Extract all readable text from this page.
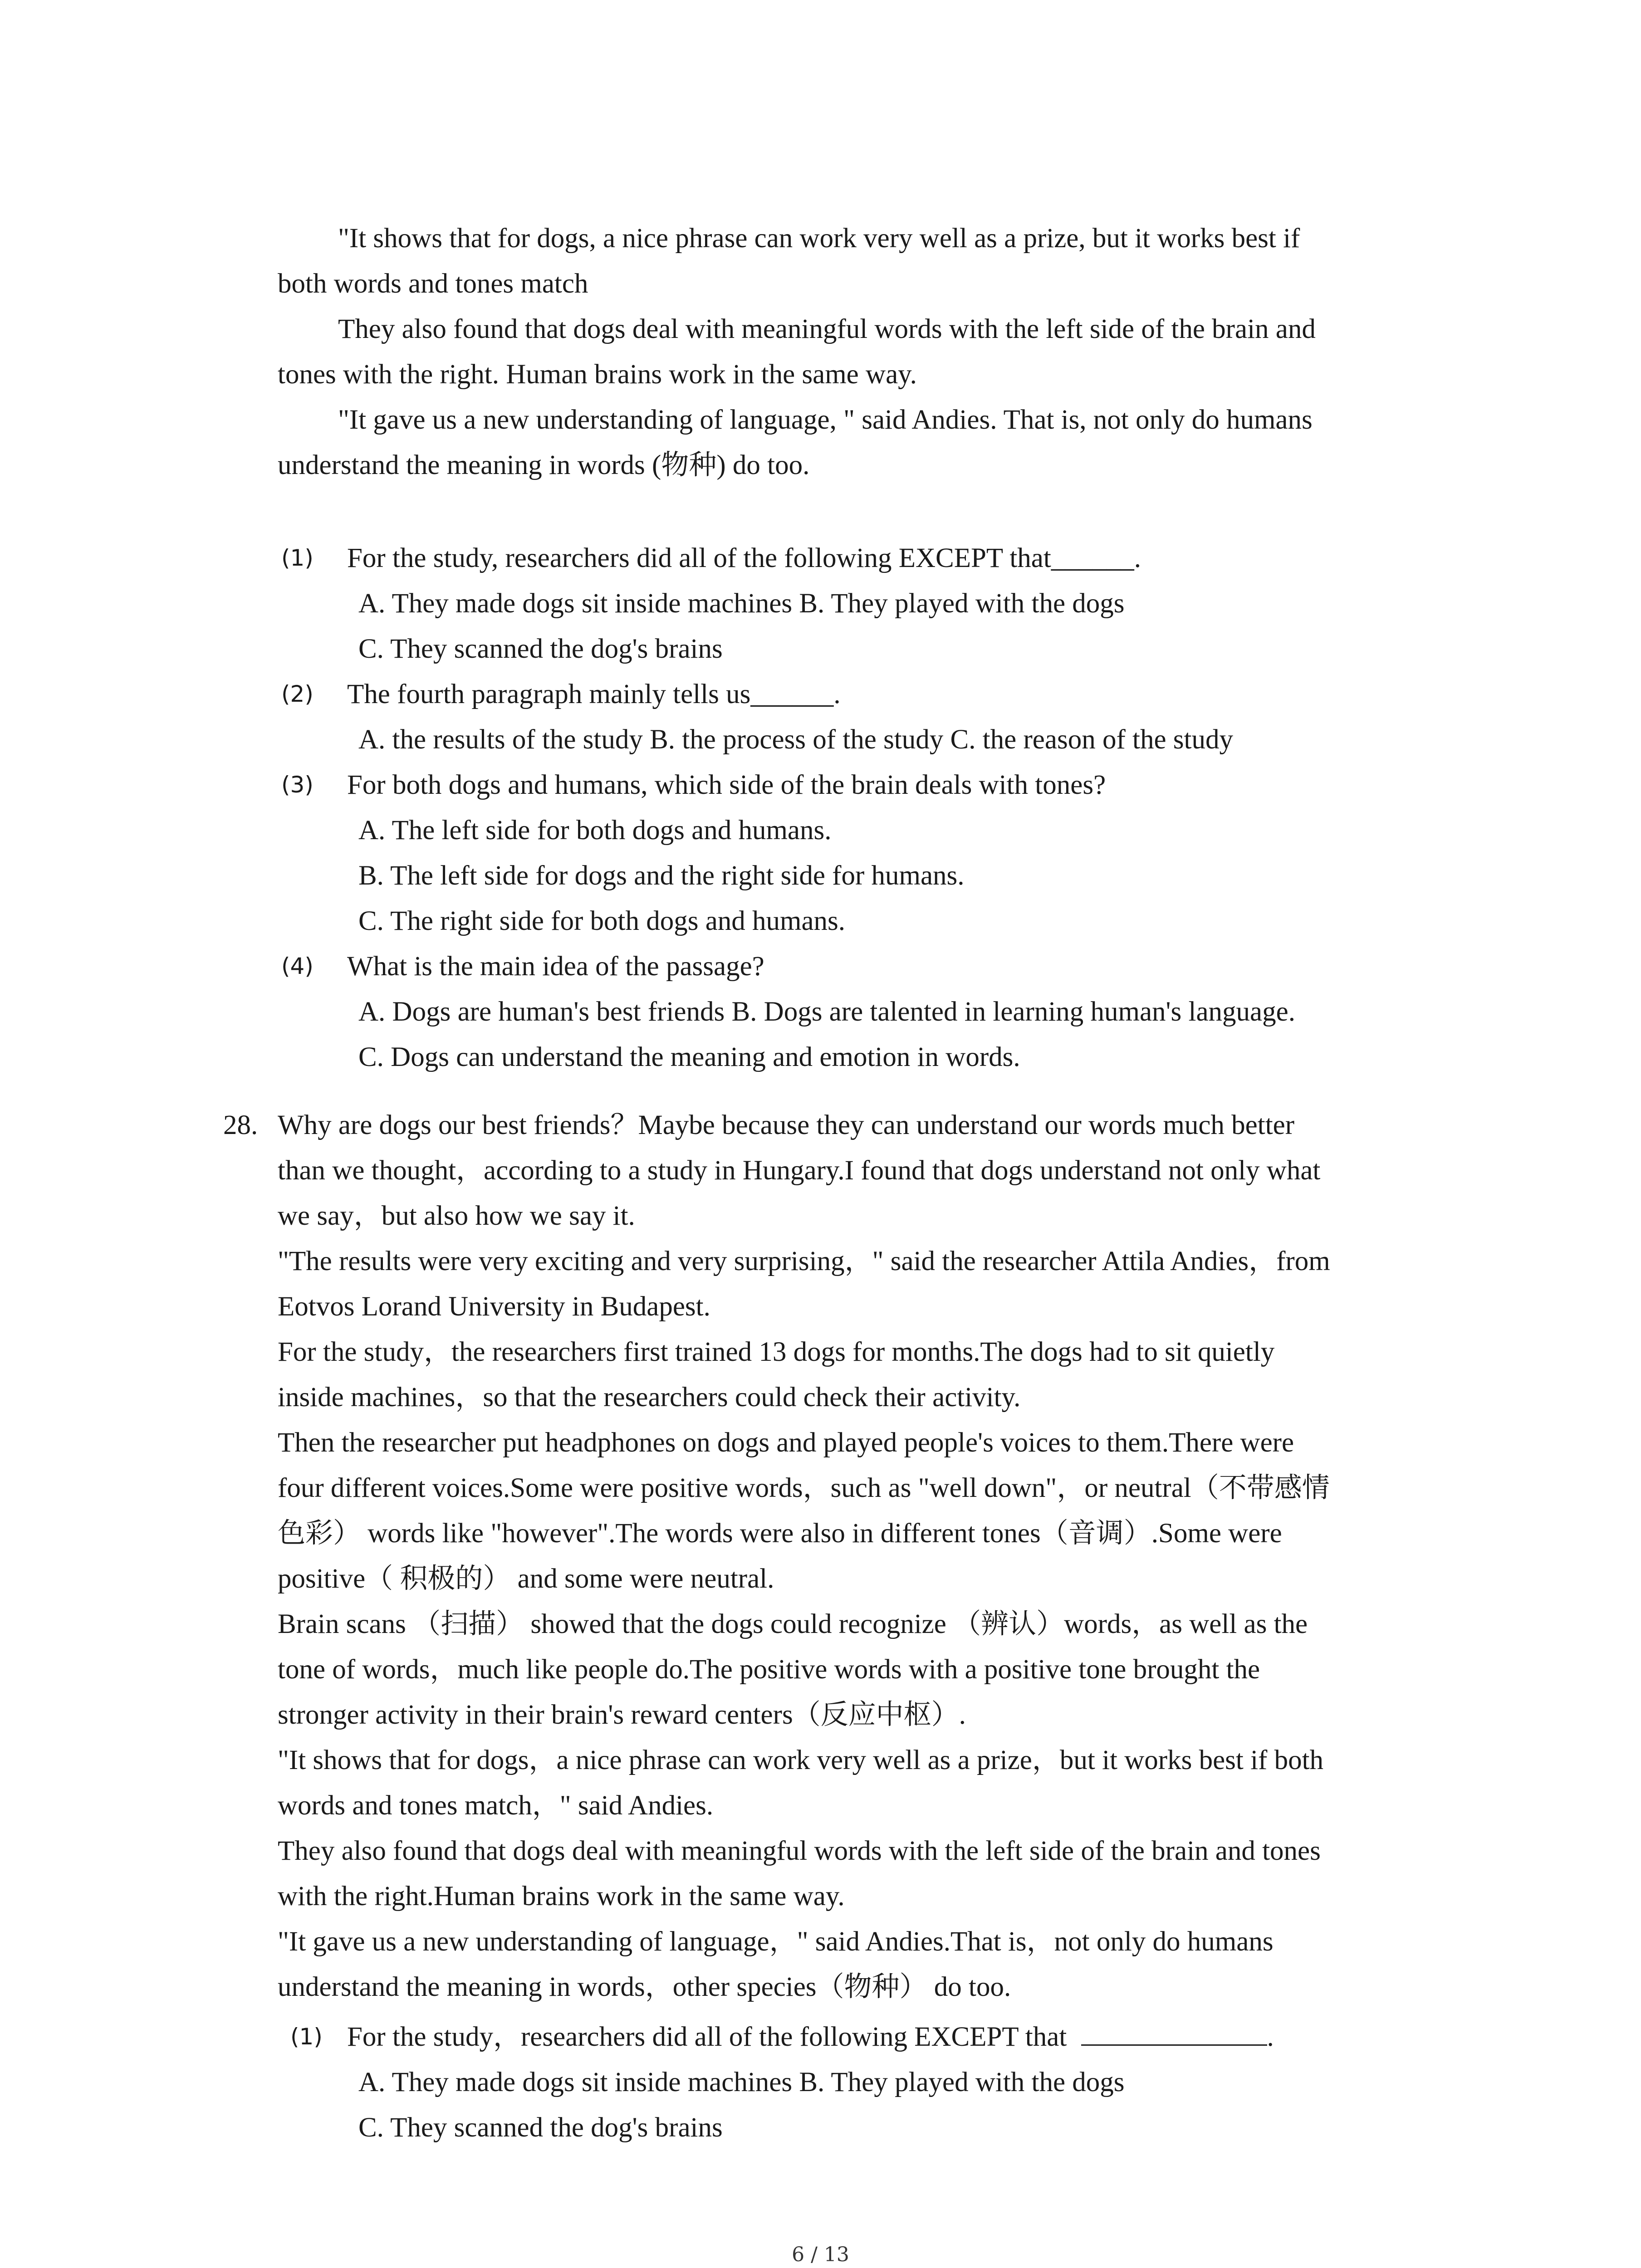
"It shows that for dogs, a nice phrase can work very well as a prize, but it works best if
both words and tones match
They also found that dogs deal with meaningful words with the left side of the brain and
tones with the right. Human brains work in the same way.
"It gave us a new understanding of language, " said Andies. That is, not only do humans
understand the meaning in words (物种) do too.
(1) For the study, researchers did all of the following EXCEPT that______.
A. They made dogs sit inside machines B. They played with the dogs
C. They scanned the dog's brains
(2) The fourth paragraph mainly tells us______.
A. the results of the study B. the process of the study C. the reason of the study
(3) For both dogs and humans, which side of the brain deals with tones?
A. The left side for both dogs and humans.
B. The left side for dogs and the right side for humans.
C. The right side for both dogs and humans.
(4) What is the main idea of the passage?
A. Dogs are human's best friends B. Dogs are talented in learning human's language.
C. Dogs can understand the meaning and emotion in words.
28. Why are dogs our best friends？Maybe because they can understand our words much better
than we thought，according to a study in Hungary.I found that dogs understand not only what
we say，but also how we say it.
"The results were very exciting and very surprising，" said the researcher Attila Andies，from
Eotvos Lorand University in Budapest.
For the study，the researchers first trained 13 dogs for months.The dogs had to sit quietly
inside machines，so that the researchers could check their activity.
Then the researcher put headphones on dogs and played people's voices to them.There were
four different voices.Some were positive words，such as "well down"，or neutral（不带感情
色彩） words like "however".The words were also in different tones（音调）.Some were
positive（ 积极的） and some were neutral.
Brain scans （扫描） showed that the dogs could recognize （辨认）words，as well as the
tone of words，much like people do.The positive words with a positive tone brought the
stronger activity in their brain's reward centers（反应中枢）.
"It shows that for dogs，a nice phrase can work very well as a prize，but it works best if both
words and tones match，" said Andies.
They also found that dogs deal with meaningful words with the left side of the brain and tones
with the right.Human brains work in the same way.
"It gave us a new understanding of language，" said Andies.That is，not only do humans
understand the meaning in words，other species（物种） do too.
(1) For the study，researchers did all of the following EXCEPT that	.
A. They made dogs sit inside machines B. They played with the dogs
C. They scanned the dog's brains
6 / 13
